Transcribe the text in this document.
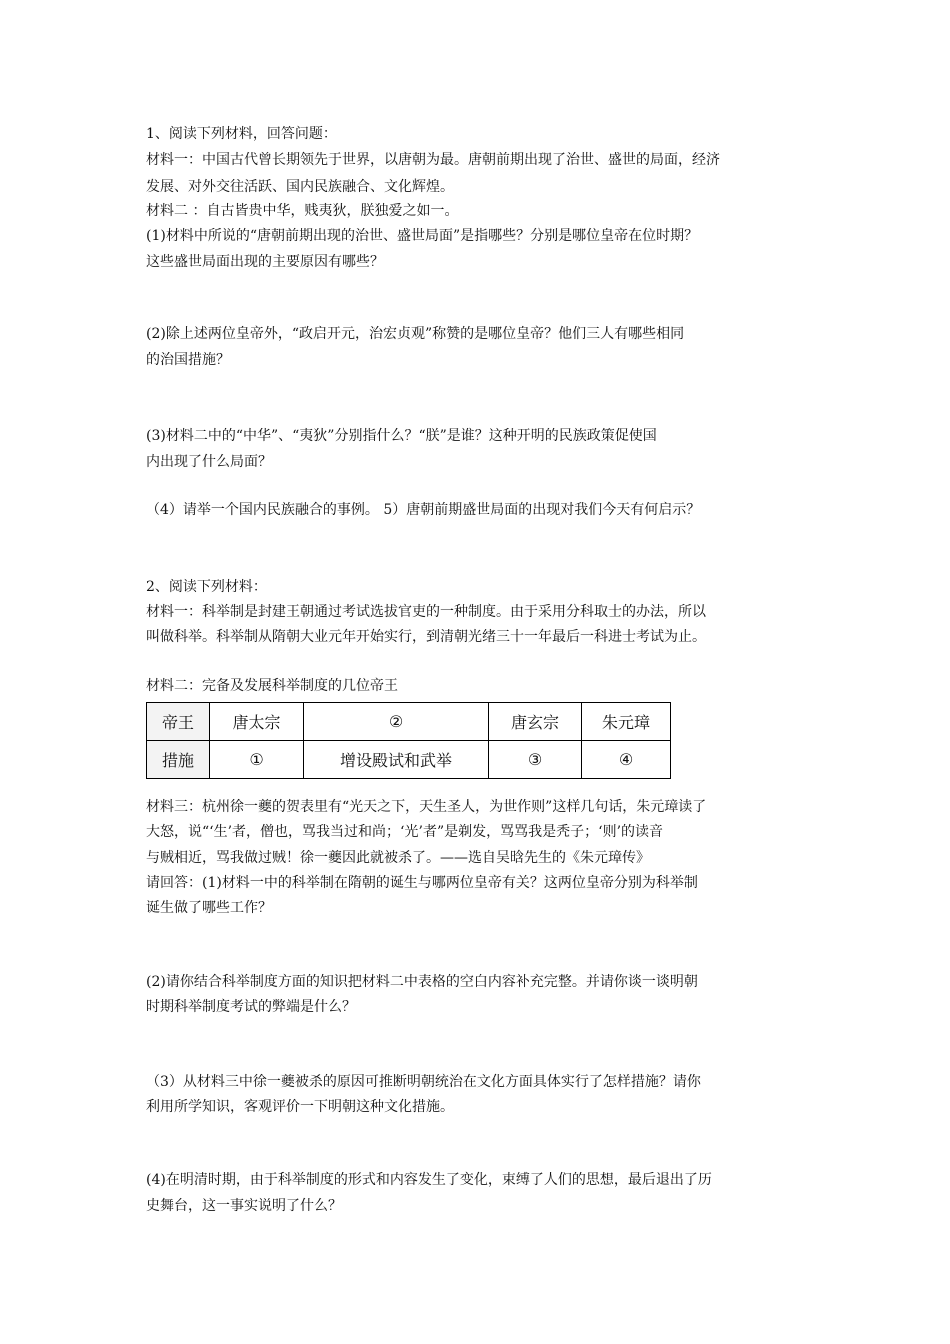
1、阅读下列材料，回答问题：
材料一：中国古代曾长期领先于世界，以唐朝为最。唐朝前期出现了治世、盛世的局面，经济
发展、对外交往活跃、国内民族融合、文化辉煌。
材料二 ：自古皆贵中华，贱夷狄，朕独爱之如一。
(1)材料中所说的“唐朝前期出现的治世、盛世局面”是指哪些？分别是哪位皇帝在位时期？
这些盛世局面出现的主要原因有哪些？
(2)除上述两位皇帝外，“政启开元，治宏贞观”称赞的是哪位皇帝？他们三人有哪些相同
的治国措施？
(3)材料二中的“中华”、“夷狄”分别指什么？“朕”是谁？这种开明的民族政策促使国
内出现了什么局面？
（4）请举一个国内民族融合的事例。 5）唐朝前期盛世局面的出现对我们今天有何启示？
2、阅读下列材料：
材料一：科举制是封建王朝通过考试选拔官吏的一种制度。由于采用分科取士的办法，所以
叫做科举。科举制从隋朝大业元年开始实行，到清朝光绪三十一年最后一科进士考试为止。
材料二：完备及发展科举制度的几位帝王
帝王	唐太宗	②	唐玄宗	朱元璋
措施	①	增设殿试和武举	③	④
材料三：杭州徐一夔的贺表里有“光天之下，天生圣人，为世作则”这样几句话，朱元璋读了
大怒，说“‘生’者，僧也，骂我当过和尚；‘光’者”是剃发，骂骂我是秃子；‘则’的读音
与贼相近，骂我做过贼！徐一夔因此就被杀了。——选自吴晗先生的《朱元璋传》
请回答：(1)材料一中的科举制在隋朝的诞生与哪两位皇帝有关？这两位皇帝分别为科举制
诞生做了哪些工作？
(2)请你结合科举制度方面的知识把材料二中表格的空白内容补充完整。并请你谈一谈明朝
时期科举制度考试的弊端是什么？
（3）从材料三中徐一夔被杀的原因可推断明朝统治在文化方面具体实行了怎样措施？请你
利用所学知识，客观评价一下明朝这种文化措施。
(4)在明清时期，由于科举制度的形式和内容发生了变化，束缚了人们的思想，最后退出了历
史舞台，这一事实说明了什么？
